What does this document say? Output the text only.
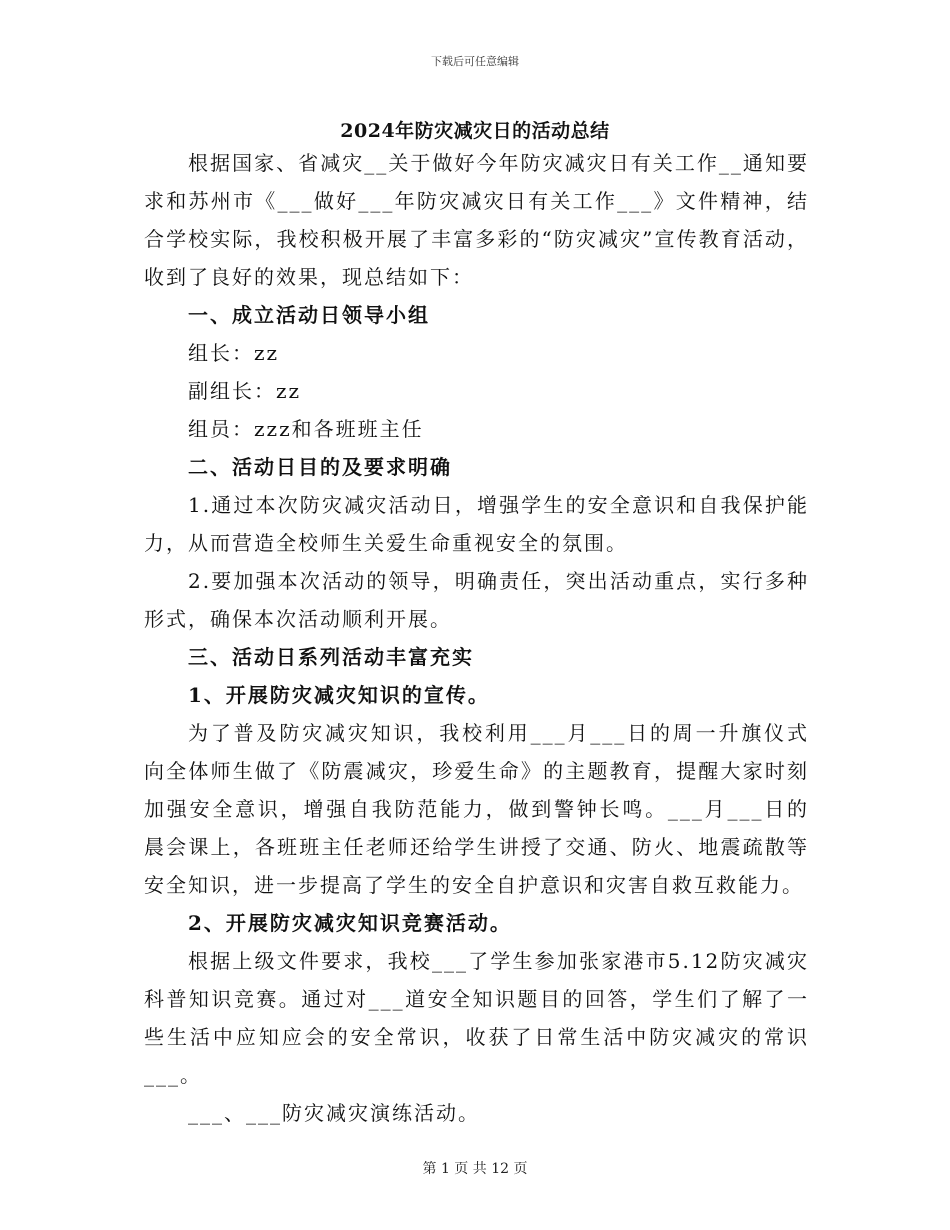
下载后可任意编辑
2024年防灾减灾日的活动总结

根据国家、省减灾__关于做好今年防灾减灾日有关工作__通知要求和苏州市《___做好___年防灾减灾日有关工作___》文件精神，结合学校实际，我校积极开展了丰富多彩的“防灾减灾”宣传教育活动，收到了良好的效果，现总结如下：

一、成立活动日领导小组

组长：zz

副组长：zz

组员：zzz和各班班主任

二、活动日目的及要求明确

1.通过本次防灾减灾活动日，增强学生的安全意识和自我保护能力，从而营造全校师生关爱生命重视安全的氛围。

2.要加强本次活动的领导，明确责任，突出活动重点，实行多种形式，确保本次活动顺利开展。

三、活动日系列活动丰富充实

1、开展防灾减灾知识的宣传。

为了普及防灾减灾知识，我校利用___月___日的周一升旗仪式向全体师生做了《防震减灾，珍爱生命》的主题教育，提醒大家时刻加强安全意识，增强自我防范能力，做到警钟长鸣。___月___日的晨会课上，各班班主任老师还给学生讲授了交通、防火、地震疏散等安全知识，进一步提高了学生的安全自护意识和灾害自救互救能力。

2、开展防灾减灾知识竞赛活动。

根据上级文件要求，我校___了学生参加张家港市5.12防灾减灾科普知识竞赛。通过对___道安全知识题目的回答，学生们了解了一些生活中应知应会的安全常识，收获了日常生活中防灾减灾的常识___。

___、___防灾减灾演练活动。

第 1 页 共 12 页
